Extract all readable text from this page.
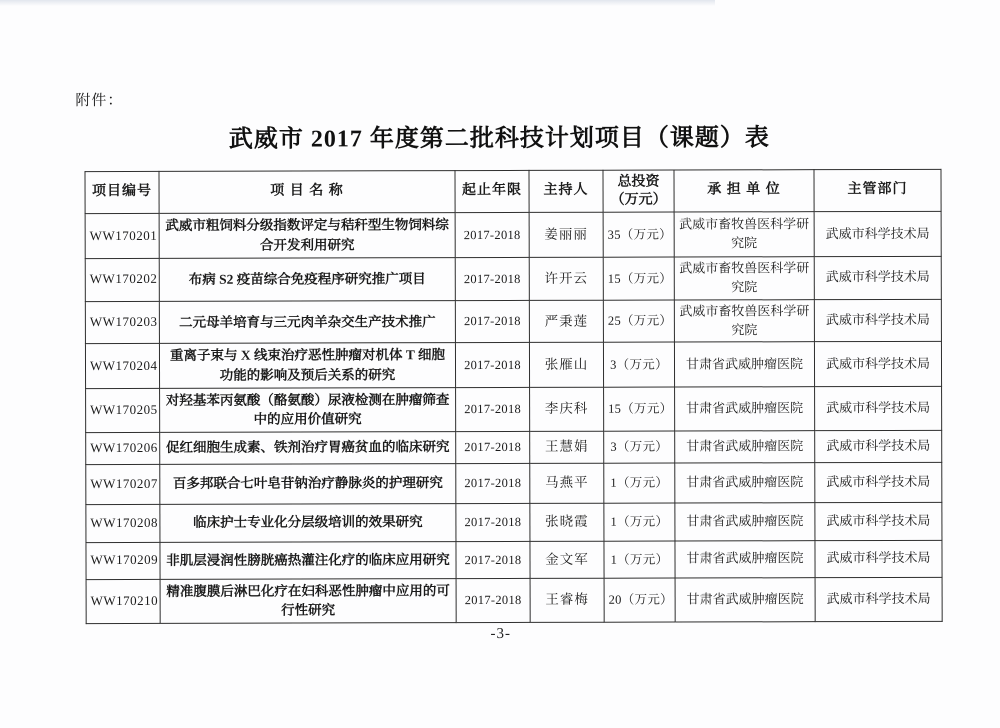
附件：
武威市 2017 年度第二批科技计划项目（课题）表
项目编号	项 目 名 称	起止年限	主持人	总投资（万元）	承 担 单 位	主管部门
WW170201	武威市粗饲料分级指数评定与秸秆型生物饲料综合开发利用研究	2017-2018	姜丽丽	35（万元）	武威市畜牧兽医科学研究院	武威市科学技术局
WW170202	布病 S2 疫苗综合免疫程序研究推广项目	2017-2018	许开云	15（万元）	武威市畜牧兽医科学研究院	武威市科学技术局
WW170203	二元母羊培育与三元肉羊杂交生产技术推广	2017-2018	严秉莲	25（万元）	武威市畜牧兽医科学研究院	武威市科学技术局
WW170204	重离子束与 X 线束治疗恶性肿瘤对机体 T 细胞功能的影响及预后关系的研究	2017-2018	张雁山	3（万元）	甘肃省武威肿瘤医院	武威市科学技术局
WW170205	对羟基苯丙氨酸（酪氨酸）尿液检测在肿瘤筛查中的应用价值研究	2017-2018	李庆科	15（万元）	甘肃省武威肿瘤医院	武威市科学技术局
WW170206	促红细胞生成素、铁剂治疗胃癌贫血的临床研究	2017-2018	王慧娟	3（万元）	甘肃省武威肿瘤医院	武威市科学技术局
WW170207	百多邦联合七叶皂苷钠治疗静脉炎的护理研究	2017-2018	马燕平	1（万元）	甘肃省武威肿瘤医院	武威市科学技术局
WW170208	临床护士专业化分层级培训的效果研究	2017-2018	张晓霞	1（万元）	甘肃省武威肿瘤医院	武威市科学技术局
WW170209	非肌层浸润性膀胱癌热灌注化疗的临床应用研究	2017-2018	金文军	1（万元）	甘肃省武威肿瘤医院	武威市科学技术局
WW170210	精准腹膜后淋巴化疗在妇科恶性肿瘤中应用的可行性研究	2017-2018	王睿梅	20（万元）	甘肃省武威肿瘤医院	武威市科学技术局
-3-
